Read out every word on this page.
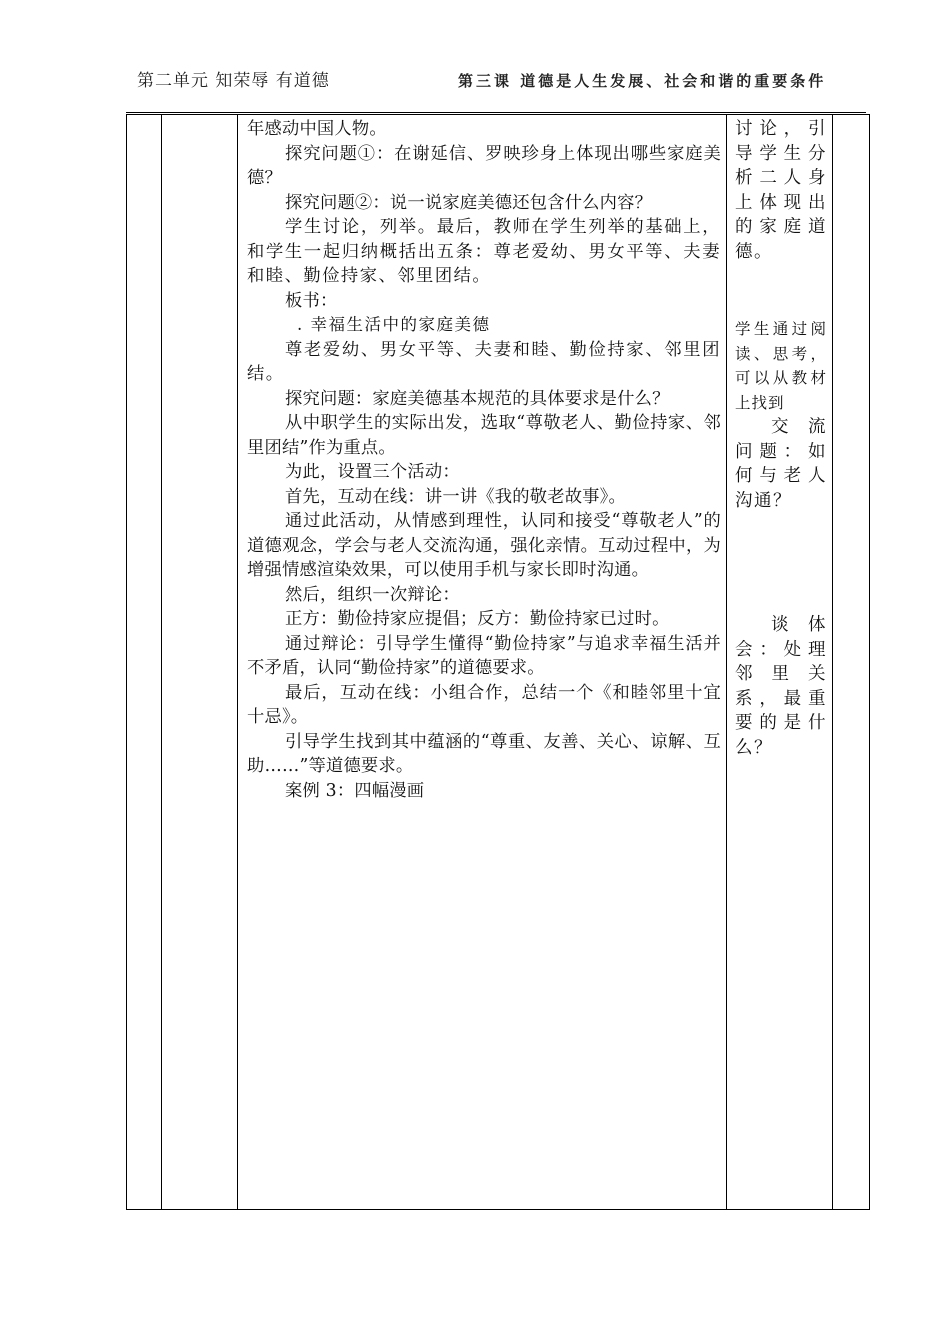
第二单元 知荣辱 有道德	第三课 道德是人生发展、社会和谐的重要条件

年感动中国人物。

探究问题①：在谢延信、罗映珍身上体现出哪些家庭美德？

探究问题②：说一说家庭美德还包含什么内容？

学生讨论，列举。最后，教师在学生列举的基础上，和学生一起归纳概括出五条：尊老爱幼、男女平等、夫妻和睦、勤俭持家、邻里团结。

板书：

. 幸福生活中的家庭美德

尊老爱幼、男女平等、夫妻和睦、勤俭持家、邻里团结。

探究问题：家庭美德基本规范的具体要求是什么？

从中职学生的实际出发，选取“尊敬老人、勤俭持家、邻里团结”作为重点。

为此，设置三个活动：

首先，互动在线：讲一讲《我的敬老故事》。

通过此活动，从情感到理性，认同和接受“尊敬老人”的道德观念，学会与老人交流沟通，强化亲情。互动过程中，为增强情感渲染效果，可以使用手机与家长即时沟通。

然后，组织一次辩论：

正方：勤俭持家应提倡；反方：勤俭持家已过时。

通过辩论：引导学生懂得“勤俭持家”与追求幸福生活并不矛盾，认同“勤俭持家”的道德要求。

最后，互动在线：小组合作，总结一个《和睦邻里十宜十忌》。

引导学生找到其中蕴涵的“尊重、友善、关心、谅解、互助……”等道德要求。

案例 3：四幅漫画

讨论，引导学生分析二人身上体现出的家庭道德。
学生通过阅读、思考，可以从教材上找到
交流问题：如何与老人沟通？
谈体会：处理邻里关系，最重要的是什么？
